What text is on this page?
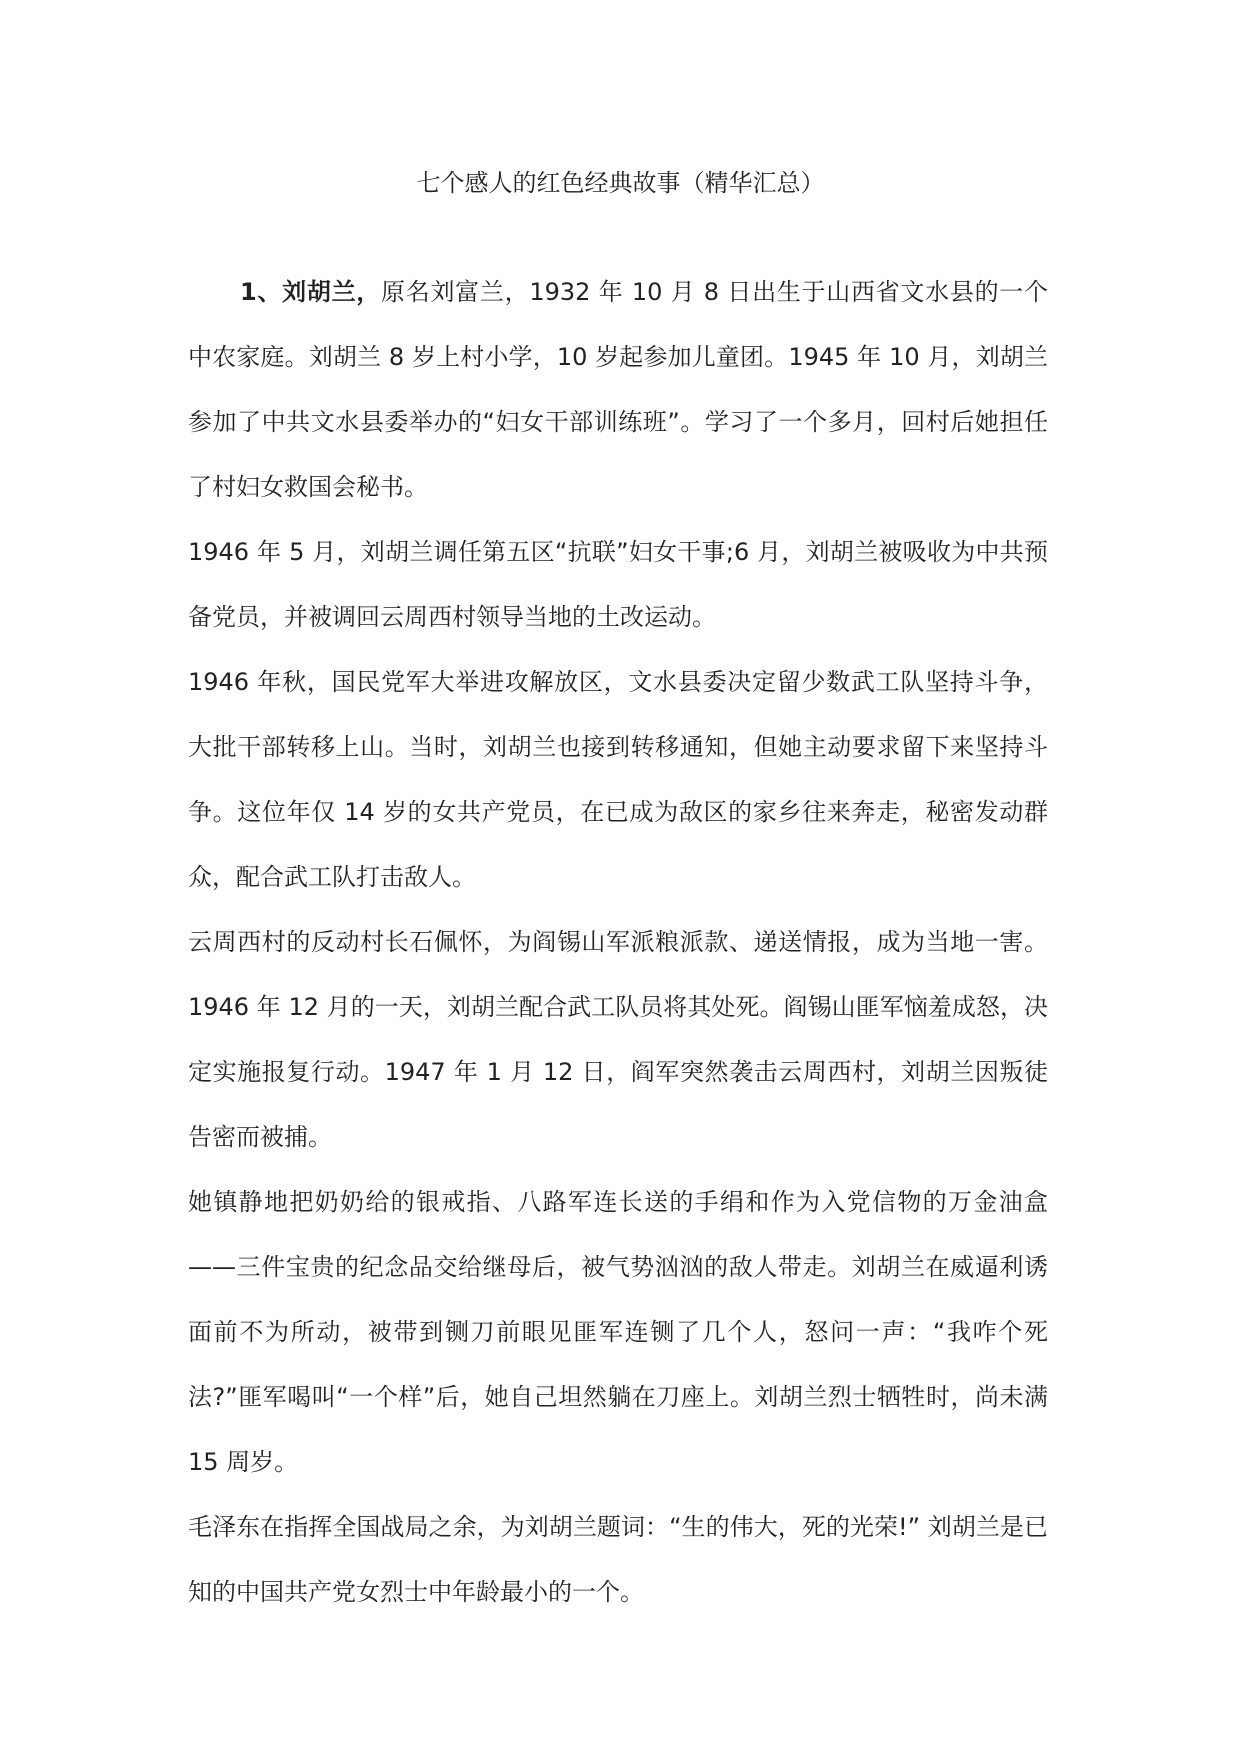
七个感人的红色经典故事（精华汇总）

1、刘胡兰，原名刘富兰，1932 年 10 月 8 日出生于山西省文水县的一个中农家庭。刘胡兰 8 岁上村小学，10 岁起参加儿童团。1945 年 10 月，刘胡兰参加了中共文水县委举办的“妇女干部训练班”。学习了一个多月，回村后她担任了村妇女救国会秘书。

1946 年 5 月，刘胡兰调任第五区“抗联”妇女干事;6 月，刘胡兰被吸收为中共预备党员，并被调回云周西村领导当地的土改运动。

1946 年秋，国民党军大举进攻解放区，文水县委决定留少数武工队坚持斗争，大批干部转移上山。当时，刘胡兰也接到转移通知，但她主动要求留下来坚持斗争。这位年仅 14 岁的女共产党员，在已成为敌区的家乡往来奔走，秘密发动群众，配合武工队打击敌人。

云周西村的反动村长石佩怀，为阎锡山军派粮派款、递送情报，成为当地一害。1946 年 12 月的一天，刘胡兰配合武工队员将其处死。阎锡山匪军恼羞成怒，决定实施报复行动。1947 年 1 月 12 日，阎军突然袭击云周西村，刘胡兰因叛徒告密而被捕。

她镇静地把奶奶给的银戒指、八路军连长送的手绢和作为入党信物的万金油盒——三件宝贵的纪念品交给继母后，被气势汹汹的敌人带走。刘胡兰在威逼利诱面前不为所动，被带到铡刀前眼见匪军连铡了几个人，怒问一声：“我咋个死法?”匪军喝叫“一个样”后，她自己坦然躺在刀座上。刘胡兰烈士牺牲时，尚未满 15 周岁。

毛泽东在指挥全国战局之余，为刘胡兰题词：“生的伟大，死的光荣!” 刘胡兰是已知的中国共产党女烈士中年龄最小的一个。
